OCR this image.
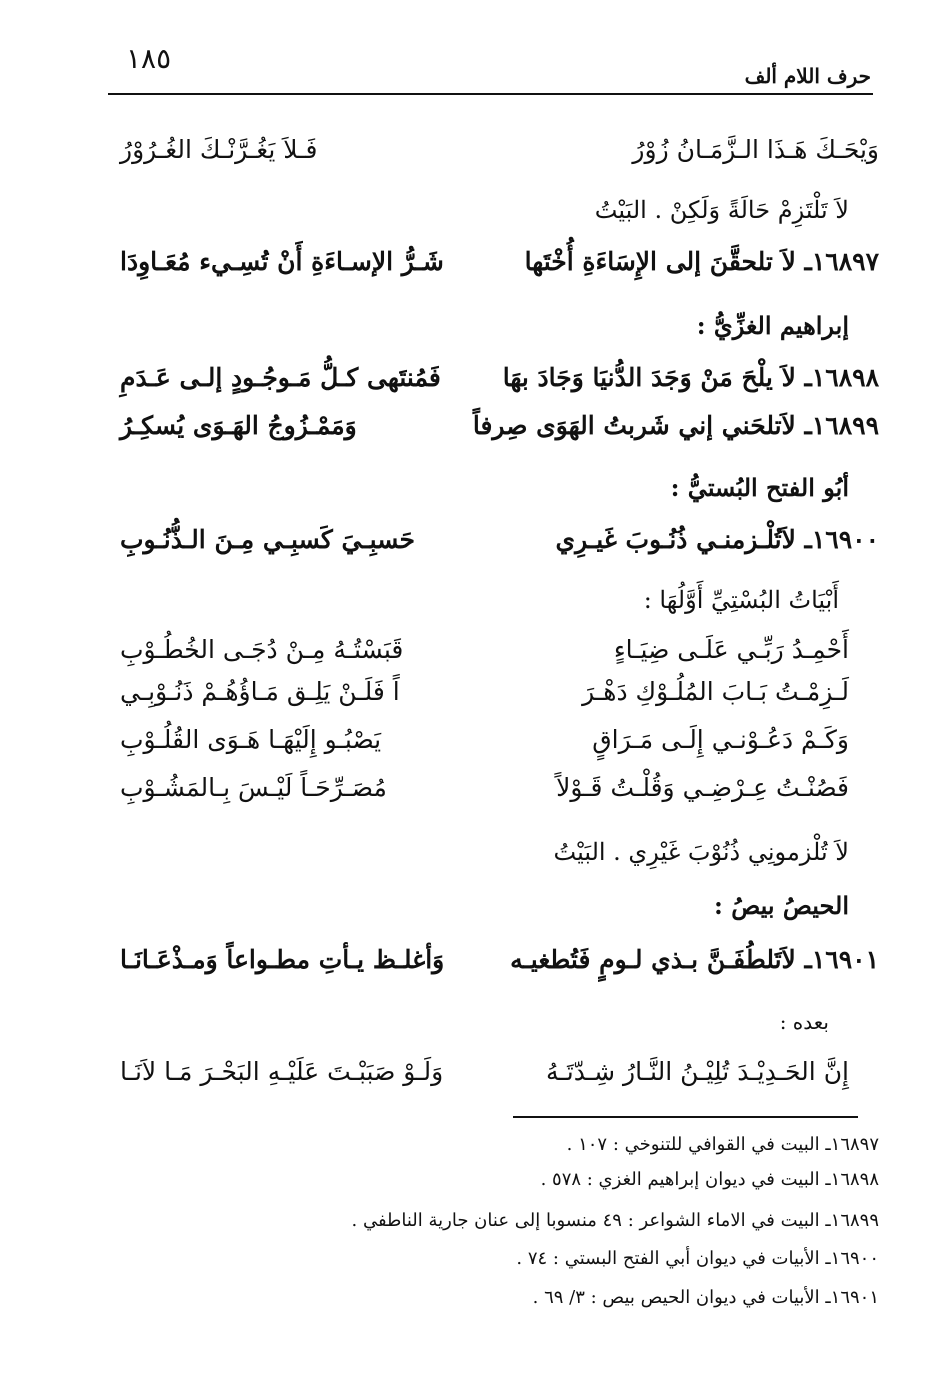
١٨٥
حرف اللام ألف
وَيْحَـكَ هَـذَا الـزَّمَـانُ زُوْرُ
فَـلاَ يَغُـرَّنْـكَ الغُـرُوْرُ
لاَ تَلْتَزِمْ حَالَةً وَلَكِنْ . البَيْتُ
١٦٨٩٧ـ لاَ تلحقَّنَ إلى الإِسَاءَةِ أُخْتَها
شَـرُّ الإسـاءَةِ أَنْ تُسِـيء مُعَـاوِدَا
إبراهيم الغزِّيُّ :
١٦٨٩٨ـ لاَ يلْحَ مَنْ وَجَدَ الدُّنيَا وَجَادَ بهَا
فَمُنتَهى كـلُّ مَـوجُـودٍ إلـى عَـدَمِ
١٦٨٩٩ـ لاَتلحَني إني شَربتُ الهَوَى صِرفاً
وَمَمْـزُوجُ الهَـوَى يُسكِـرُ
أبُو الفتح البُستيُّ :
١٦٩٠٠ـ لاَتُلْـزمنـي ذُنُـوبَ غَيـرِي
حَسبِـيَ كَسبِـي مِـنَ الـذُّنُـوبِ
أَبْيَاتُ البُسْتِيِّ أَوَّلُهَا :
أَحْمِـدُ رَبِّـي عَلَـى ضِيَـاءٍ
قَبَسْتُـهُ مِـنْ دُجَـى الخُطُـوْبِ
لَـزِمْـتُ بَـابَ المُلُـوْكِ دَهْـرَ
اً فَلَـنْ يَلِـق مَـاؤُهُـمْ ذَنُـوْبِـي
وَكَـمْ دَعُـوْنـي إِلَـى مَـرَاقٍ
يَصْبُـو إِلَيْهَـا هَـوَى القُلُـوْبِ
فَصُنْـتُ عِـرْضِـي وَقُلْـتُ قَـوْلاً
مُصَـرِّحَـاً لَيْـسَ بِـالمَشُـوْبِ
لاَ تُلْزمونِي ذُنُوْبَ غَيْرِي . البَيْتُ
الحيصُ بيصُ :
١٦٩٠١ـ لاَتَلطُفَـنَّ بـذي لـومٍ فَتُطغيـه
وَأغلـظ يـأتِ مطـواعاً وَمـذْعَـانَـا
بعده :
إِنَّ الحَـدِيْـدَ تُلِيْـنُ النَّـارُ شِـدّتَـهُ
وَلَـوْ صَبَبْـتَ عَلَيْـهِ البَحْـرَ مَـا لاَنَـا
١٦٨٩٧ـ البيت في القوافي للتنوخي : ١٠٧ .
١٦٨٩٨ـ البيت في ديوان إبراهيم الغزي : ٥٧٨ .
١٦٨٩٩ـ البيت في الاماء الشواعر : ٤٩ منسوبا إلى عنان جارية الناطفي .
١٦٩٠٠ـ الأبيات في ديوان أبي الفتح البستي : ٧٤ .
١٦٩٠١ـ الأبيات في ديوان الحيص بيص : ٣/ ٦٩ .
